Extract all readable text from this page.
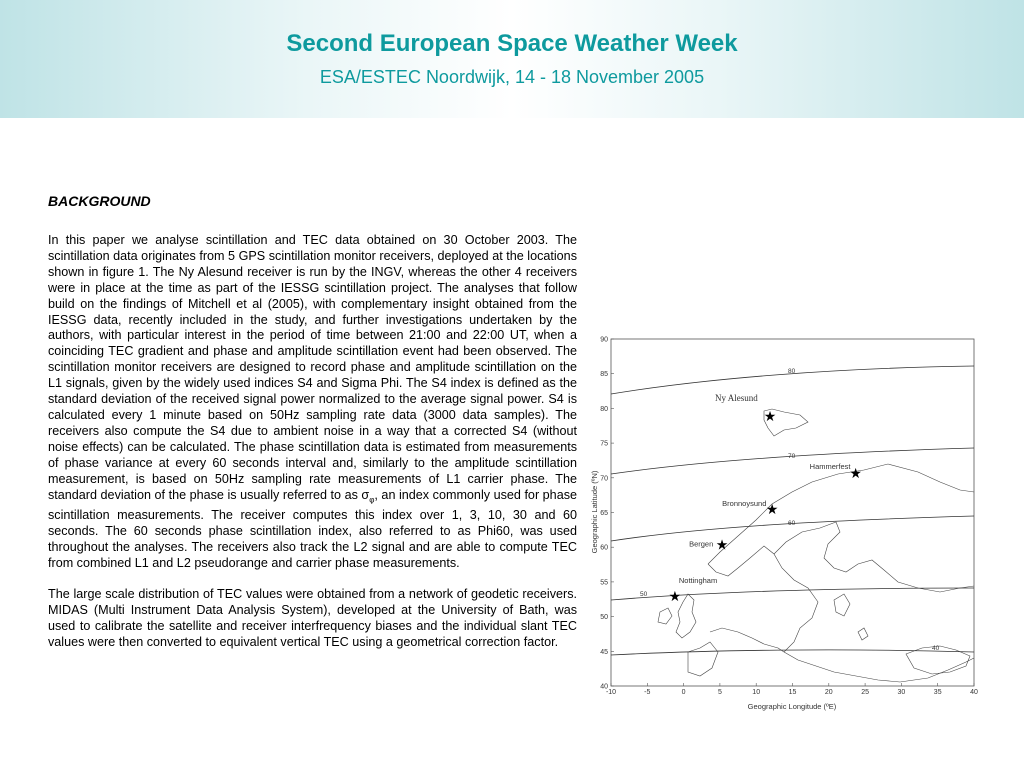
Second European Space Weather Week
ESA/ESTEC Noordwijk, 14 - 18 November 2005
BACKGROUND

In this paper we analyse scintillation and TEC data obtained on 30 October 2003. The scintillation data originates from 5 GPS scintillation monitor receivers, deployed at the locations shown in figure 1. The Ny Alesund receiver is run by the INGV, whereas the other 4 receivers were in place at the time as part of the IESSG scintillation project. The analyses that follow build on the findings of Mitchell et al (2005), with complementary insight obtained from the IESSG data, recently included in the study, and further investigations undertaken by the authors, with particular interest in the period of time between 21:00 and 22:00 UT, when a coinciding TEC gradient and phase and amplitude scintillation event had been observed. The scintillation monitor receivers are designed to record phase and amplitude scintillation on the L1 signals, given by the widely used indices S4 and Sigma Phi. The S4 index is defined as the standard deviation of the received signal power normalized to the average signal power. S4 is calculated every 1 minute based on 50Hz sampling rate data (3000 data samples). The receivers also compute the S4 due to ambient noise in a way that a corrected S4 (without noise effects) can be calculated. The phase scintillation data is estimated from measurements of phase variance at every 60 seconds interval and, similarly to the amplitude scintillation measurement, is based on 50Hz sampling rate measurements of L1 carrier phase. The standard deviation of the phase is usually referred to as $\sigma_\varphi$, an index commonly used for phase scintillation measurements. The receiver computes this index over 1, 3, 10, 30 and 60 seconds. The 60 seconds phase scintillation index, also referred to as Phi60, was used throughout the analyses. The receivers also track the L2 signal and are able to compute TEC from combined L1 and L2 pseudorange and carrier phase measurements.

The large scale distribution of TEC values were obtained from a network of geodetic receivers. MIDAS (Multi Instrument Data Analysis System), developed at the University of Bath, was used to calibrate the satellite and receiver interfrequency biases and the individual slant TEC values were then converted to equivalent vertical TEC using a geometrical correction factor.

80
70
60
50
40
-10	-5	0	5	10	15	20	25	30	35	40
90
85
80
75
70
65
60
55
50
45
40
★
Ny Alesund
★
Hammerfest
★
Bronnoysund
★
Bergen
★
Nottingham
Geographic Longitude (ºE)
Geographic Latitude (ºN)
